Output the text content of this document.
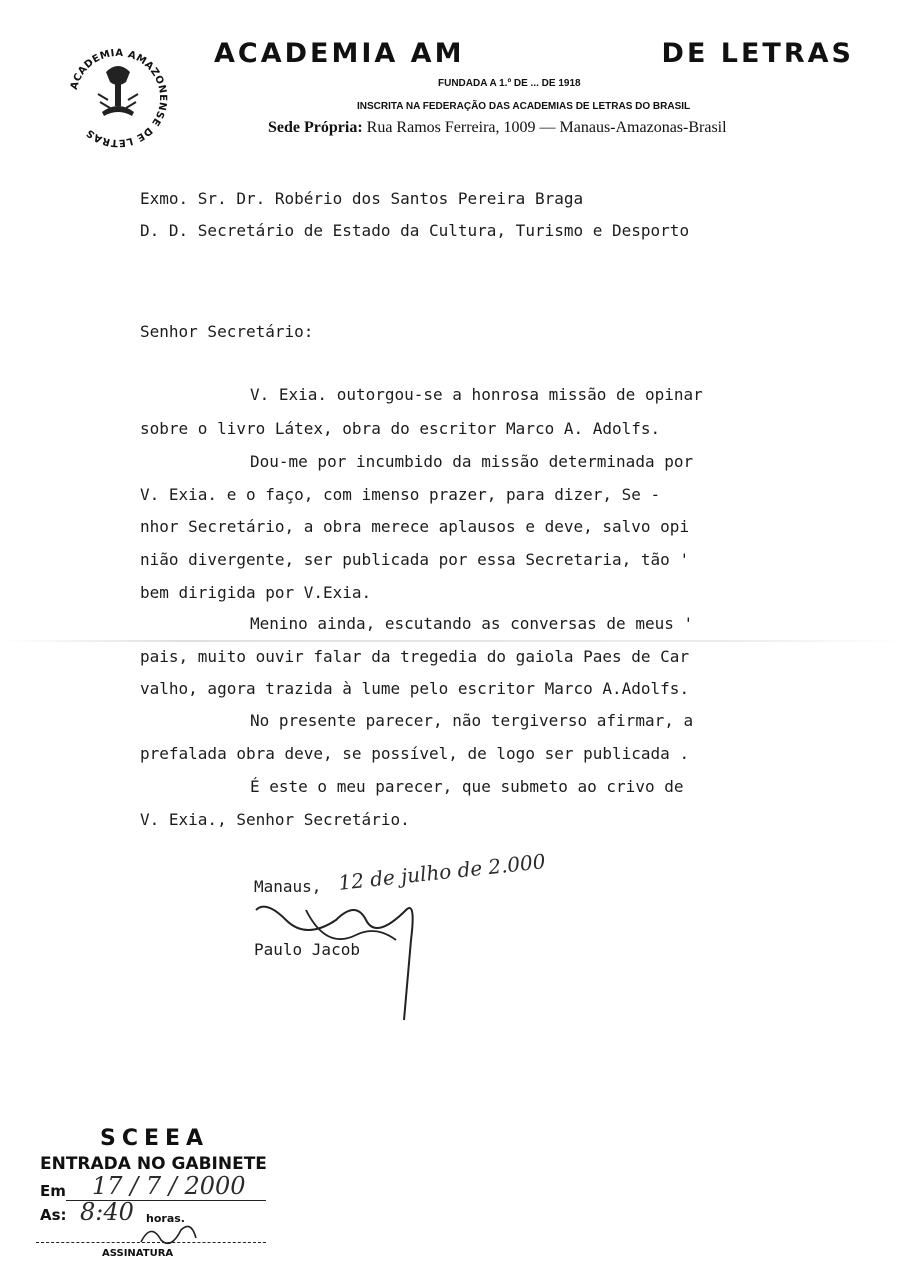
ACADEMIA AMAZONENSE DE LETRAS
ACADEMIA AM	DE LETRAS
FUNDADA A 1.º DE ... DE 1918
INSCRITA NA FEDERAÇÃO DAS ACADEMIAS DE LETRAS DO BRASIL
Sede Própria: Rua Ramos Ferreira, 1009 — Manaus-Amazonas-Brasil
Exmo. Sr. Dr. Robério dos Santos Pereira Braga
D. D. Secretário de Estado da Cultura, Turismo e Desporto
Senhor Secretário:
V. Exia. outorgou-se a honrosa missão de opinar
sobre o livro Látex, obra do escritor Marco A. Adolfs.
Dou-me por incumbido da missão determinada por
V. Exia. e o faço, com imenso prazer, para dizer, Se -
nhor Secretário, a obra merece aplausos e deve, salvo opi
nião divergente, ser publicada por essa Secretaria, tão '
bem dirigida por V.Exia.
Menino ainda, escutando as conversas de meus '
pais, muito ouvir falar da tregedia do gaiola Paes de Car
valho, agora trazida à lume pelo escritor Marco A.Adolfs.
No presente parecer, não tergiverso afirmar, a
prefalada obra deve, se possível, de logo ser publicada .
É este o meu parecer, que submeto ao crivo de
V. Exia., Senhor Secretário.
Manaus, 12 de julho de 2.000
Paulo Jacob
SCEEA
ENTRADA NO GABINETE
Em 17 / 7 / 2000
As: 8:40 horas.
ASSINATURA
